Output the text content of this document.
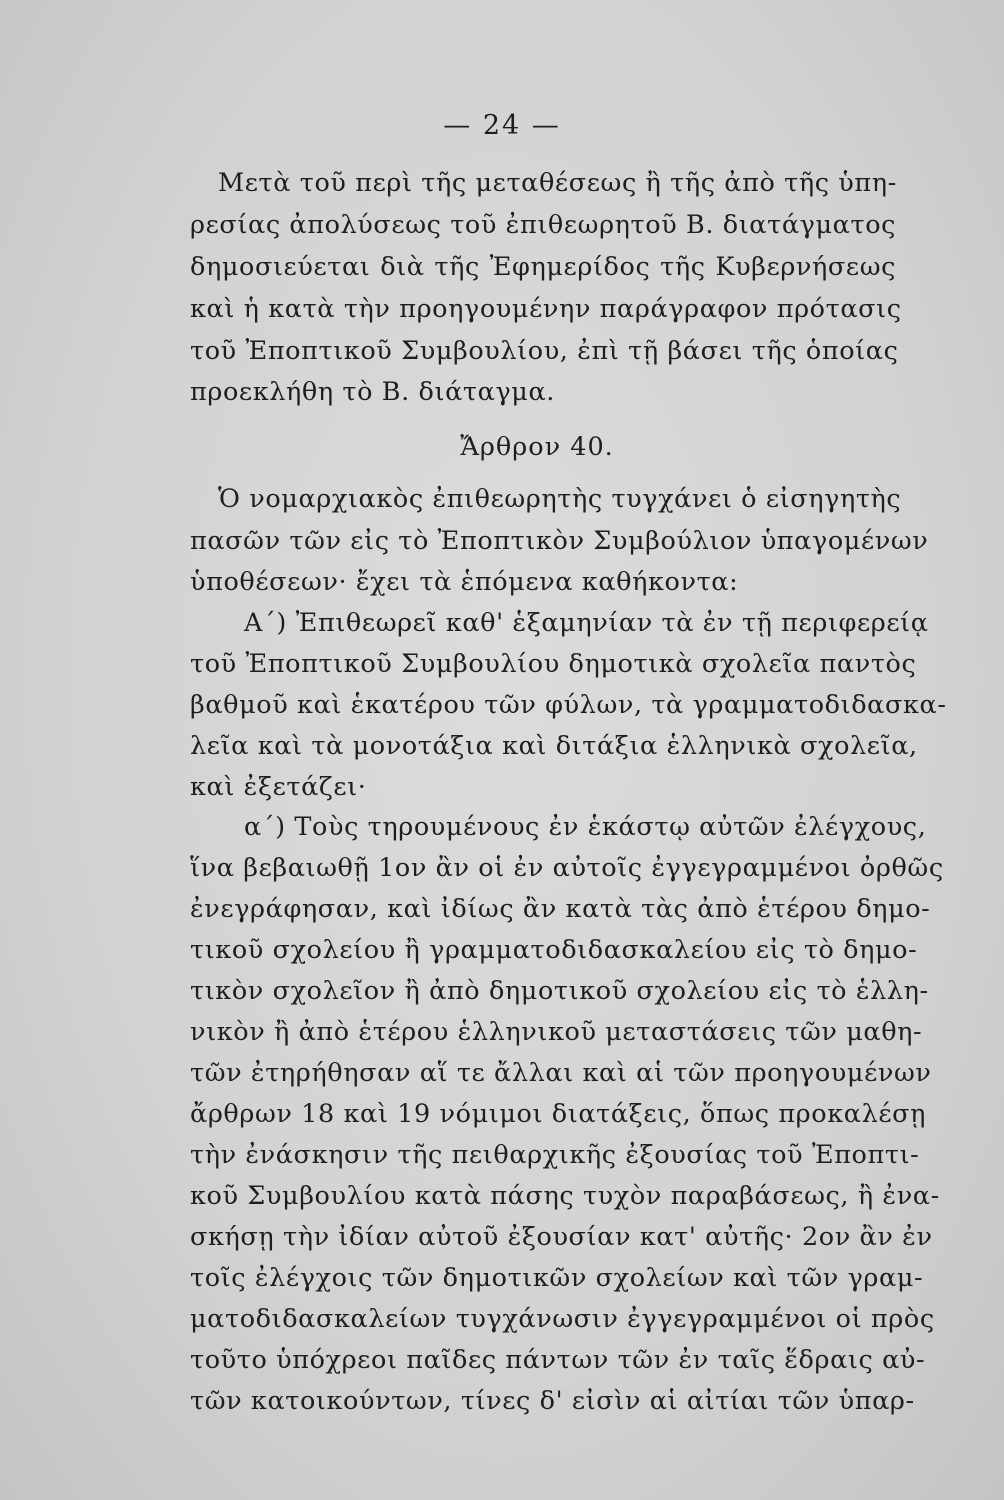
— 24 —
Μετὰ τοῦ περὶ τῆς μεταθέσεως ἢ τῆς ἀπὸ τῆς ὑπη-
ρεσίας ἀπολύσεως τοῦ ἐπιθεωρητοῦ Β. διατάγματος
δημοσιεύεται διὰ τῆς Ἐφημερίδος τῆς Κυβερνήσεως
καὶ ἡ κατὰ τὴν προηγουμένην παράγραφον πρότασις
τοῦ Ἐποπτικοῦ Συμβουλίου, ἐπὶ τῇ βάσει τῆς ὁποίας
προεκλήθη τὸ Β. διάταγμα.
Ἄρθρον 40.
Ὁ νομαρχιακὸς ἐπιθεωρητὴς τυγχάνει ὁ εἰσηγητὴς
πασῶν τῶν εἰς τὸ Ἐποπτικὸν Συμβούλιον ὑπαγομένων
ὑποθέσεων· ἔχει τὰ ἑπόμενα καθήκοντα:
Α΄) Ἐπιθεωρεῖ καθ' ἑξαμηνίαν τὰ ἐν τῇ περιφερείᾳ
τοῦ Ἐποπτικοῦ Συμβουλίου δημοτικὰ σχολεῖα παντὸς
βαθμοῦ καὶ ἑκατέρου τῶν φύλων, τὰ γραμματοδιδασκα-
λεῖα καὶ τὰ μονοτάξια καὶ διτάξια ἑλληνικὰ σχολεῖα,
καὶ ἐξετάζει·
α΄) Τοὺς τηρουμένους ἐν ἑκάστῳ αὐτῶν ἐλέγχους,
ἵνα βεβαιωθῇ 1ον ἂν οἱ ἐν αὐτοῖς ἐγγεγραμμένοι ὀρθῶς
ἐνεγράφησαν, καὶ ἰδίως ἂν κατὰ τὰς ἀπὸ ἑτέρου δημο-
τικοῦ σχολείου ἢ γραμματοδιδασκαλείου εἰς τὸ δημο-
τικὸν σχολεῖον ἢ ἀπὸ δημοτικοῦ σχολείου εἰς τὸ ἑλλη-
νικὸν ἢ ἀπὸ ἑτέρου ἑλληνικοῦ μεταστάσεις τῶν μαθη-
τῶν ἐτηρήθησαν αἵ τε ἄλλαι καὶ αἱ τῶν προηγουμένων
ἄρθρων 18 καὶ 19 νόμιμοι διατάξεις, ὅπως προκαλέσῃ
τὴν ἐνάσκησιν τῆς πειθαρχικῆς ἐξουσίας τοῦ Ἐποπτι-
κοῦ Συμβουλίου κατὰ πάσης τυχὸν παραβάσεως, ἢ ἐνα-
σκήσῃ τὴν ἰδίαν αὐτοῦ ἐξουσίαν κατ' αὐτῆς· 2ον ἂν ἐν
τοῖς ἐλέγχοις τῶν δημοτικῶν σχολείων καὶ τῶν γραμ-
ματοδιδασκαλείων τυγχάνωσιν ἐγγεγραμμένοι οἱ πρὸς
τοῦτο ὑπόχρεοι παῖδες πάντων τῶν ἐν ταῖς ἕδραις αὐ-
τῶν κατοικούντων, τίνες δ' εἰσὶν αἱ αἰτίαι τῶν ὑπαρ-
